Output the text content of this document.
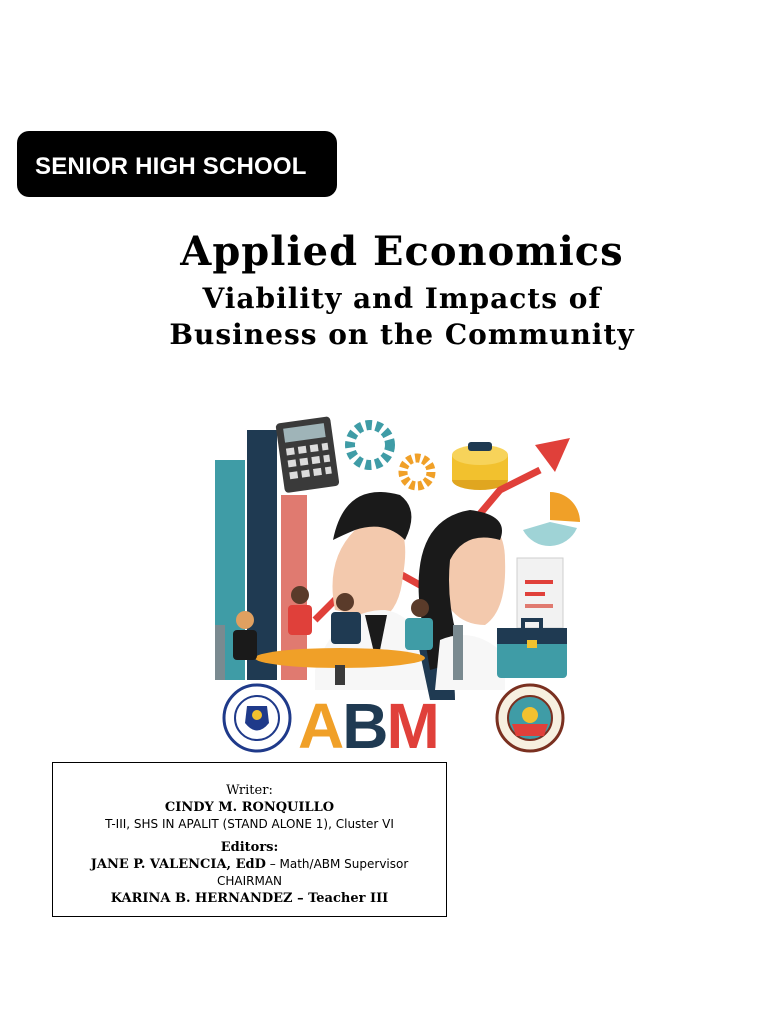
SENIOR HIGH SCHOOL
Applied Economics
Viability and Impacts of
Business on the Community
ABM
Writer:
CINDY M. RONQUILLO
T-III, SHS IN APALIT (STAND ALONE 1), Cluster VI
Editors:
JANE P. VALENCIA, EdD – Math/ABM Supervisor
CHAIRMAN
KARINA B. HERNANDEZ – Teacher III
